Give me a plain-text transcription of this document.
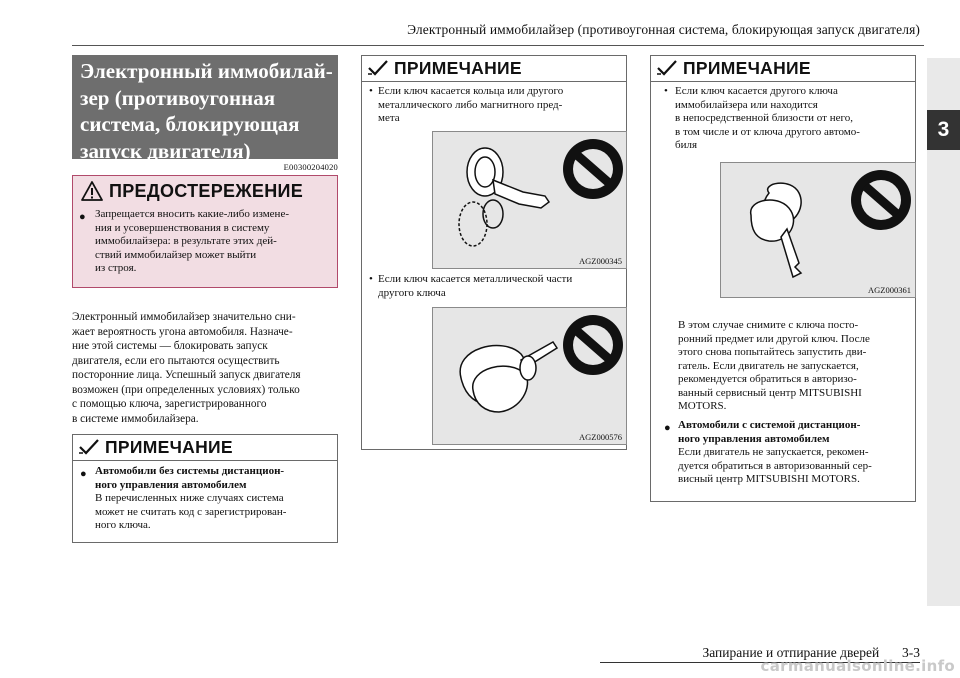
Электронный иммобилайзер (противоугонная система, блокирующая запуск двигателя)
3
Электронный иммобилай-
зер (противоугонная
система, блокирующая
запуск двигателя)
E00300204020
ПРЕДОСТЕРЕЖЕНИЕ
● Запрещается вносить какие-либо измене-
ния и усовершенствования в систему
иммобилайзера: в результате этих дей-
ствий иммобилайзер может выйти
из строя.
Электронный иммобилайзер значительно сни-
жает вероятность угона автомобиля. Назначе-
ние этой системы — блокировать запуск
двигателя, если его пытаются осуществить
посторонние лица. Успешный запуск двигателя
возможен (при определенных условиях) только
с помощью ключа, зарегистрированного
в системе иммобилайзера.
ПРИМЕЧАНИЕ
● Автомобили без системы дистанцион-
ного управления автомобилем
В перечисленных ниже случаях система
может не считать код с зарегистрирован-
ного ключа.
ПРИМЕЧАНИЕ
• Если ключ касается кольца или другого
металлического либо магнитного пред-
мета
AGZ000345
• Если ключ касается металлической части
другого ключа
AGZ000576
ПРИМЕЧАНИЕ
• Если ключ касается другого ключа
иммобилайзера или находится
в непосредственной близости от него,
в том числе и от ключа другого автомо-
биля
AGZ000361
В этом случае снимите с ключа посто-
ронний предмет или другой ключ. После
этого снова попытайтесь запустить дви-
гатель. Если двигатель не запускается,
рекомендуется обратиться в авторизо-
ванный сервисный центр MITSUBISHI
MOTORS.
● Автомобили с системой дистанцион-
ного управления автомобилем
Если двигатель не запускается, рекомен-
дуется обратиться в авторизованный сер-
висный центр MITSUBISHI MOTORS.
Запирание и отпирание дверей 3-3
carmanualsonline.info
